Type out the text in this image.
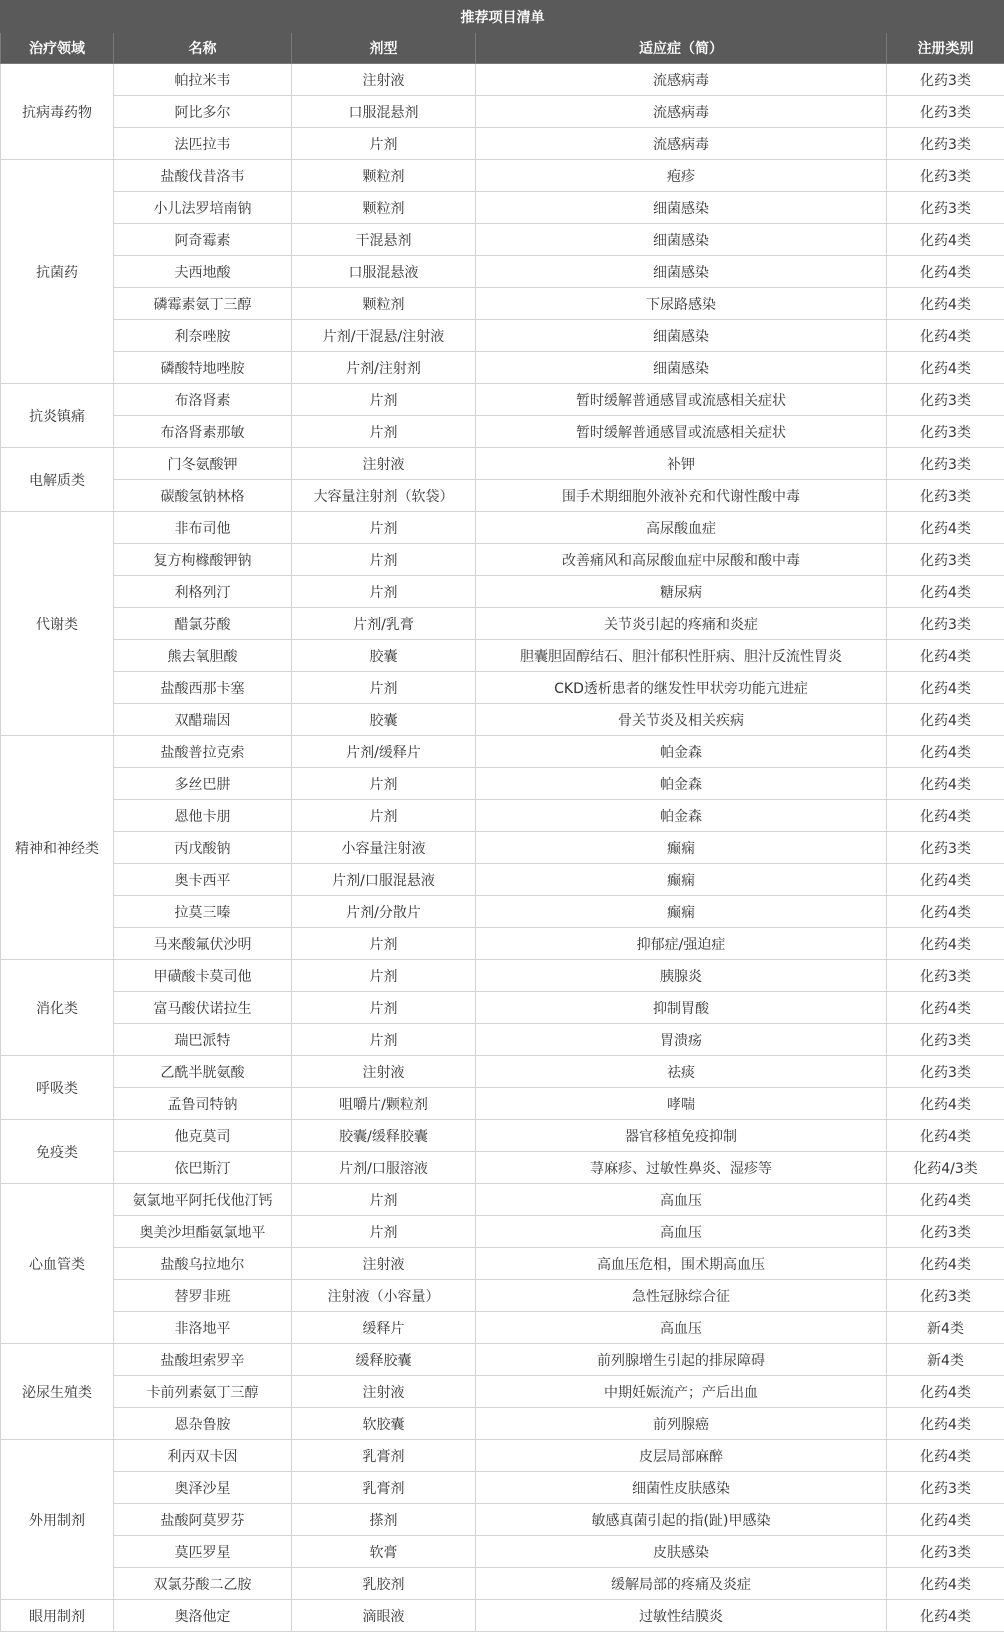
推荐项目清单				
治疗领域	名称	剂型	适应症（简）	注册类别
抗病毒药物	帕拉米韦	注射液	流感病毒	化药3类
	阿比多尔	口服混悬剂	流感病毒	化药3类
	法匹拉韦	片剂	流感病毒	化药3类
抗菌药	盐酸伐昔洛韦	颗粒剂	疱疹	化药3类
	小儿法罗培南钠	颗粒剂	细菌感染	化药3类
	阿奇霉素	干混悬剂	细菌感染	化药4类
	夫西地酸	口服混悬液	细菌感染	化药4类
	磷霉素氨丁三醇	颗粒剂	下尿路感染	化药4类
	利奈唑胺	片剂/干混悬/注射液	细菌感染	化药4类
	磷酸特地唑胺	片剂/注射剂	细菌感染	化药4类
抗炎镇痛	布洛肾素	片剂	暂时缓解普通感冒或流感相关症状	化药3类
	布洛肾素那敏	片剂	暂时缓解普通感冒或流感相关症状	化药3类
电解质类	门冬氨酸钾	注射液	补钾	化药3类
	碳酸氢钠林格	大容量注射剂（软袋）	围手术期细胞外液补充和代谢性酸中毒	化药3类
代谢类	非布司他	片剂	高尿酸血症	化药4类
	复方枸橼酸钾钠	片剂	改善痛风和高尿酸血症中尿酸和酸中毒	化药3类
	利格列汀	片剂	糖尿病	化药4类
	醋氯芬酸	片剂/乳膏	关节炎引起的疼痛和炎症	化药3类
	熊去氧胆酸	胶囊	胆囊胆固醇结石、胆汁郁积性肝病、胆汁反流性胃炎	化药4类
	盐酸西那卡塞	片剂	CKD透析患者的继发性甲状旁功能亢进症	化药4类
	双醋瑞因	胶囊	骨关节炎及相关疾病	化药4类
精神和神经类	盐酸普拉克索	片剂/缓释片	帕金森	化药4类
	多丝巴肼	片剂	帕金森	化药4类
	恩他卡朋	片剂	帕金森	化药4类
	丙戊酸钠	小容量注射液	癫痫	化药3类
	奥卡西平	片剂/口服混悬液	癫痫	化药4类
	拉莫三嗪	片剂/分散片	癫痫	化药4类
	马来酸氟伏沙明	片剂	抑郁症/强迫症	化药4类
消化类	甲磺酸卡莫司他	片剂	胰腺炎	化药3类
	富马酸伏诺拉生	片剂	抑制胃酸	化药4类
	瑞巴派特	片剂	胃溃疡	化药3类
呼吸类	乙酰半胱氨酸	注射液	祛痰	化药3类
	孟鲁司特钠	咀嚼片/颗粒剂	哮喘	化药4类
免疫类	他克莫司	胶囊/缓释胶囊	器官移植免疫抑制	化药4类
	依巴斯汀	片剂/口服溶液	荨麻疹、过敏性鼻炎、湿疹等	化药4/3类
心血管类	氨氯地平阿托伐他汀钙	片剂	高血压	化药4类
	奥美沙坦酯氨氯地平	片剂	高血压	化药3类
	盐酸乌拉地尔	注射液	高血压危相，围术期高血压	化药4类
	替罗非班	注射液（小容量）	急性冠脉综合征	化药3类
	非洛地平	缓释片	高血压	新4类
泌尿生殖类	盐酸坦索罗辛	缓释胶囊	前列腺增生引起的排尿障碍	新4类
	卡前列素氨丁三醇	注射液	中期妊娠流产；产后出血	化药4类
	恩杂鲁胺	软胶囊	前列腺癌	化药4类
外用制剂	利丙双卡因	乳膏剂	皮层局部麻醉	化药4类
	奥泽沙星	乳膏剂	细菌性皮肤感染	化药3类
	盐酸阿莫罗芬	搽剂	敏感真菌引起的指(趾)甲感染	化药4类
	莫匹罗星	软膏	皮肤感染	化药3类
	双氯芬酸二乙胺	乳胶剂	缓解局部的疼痛及炎症	化药4类
眼用制剂	奥洛他定	滴眼液	过敏性结膜炎	化药4类
